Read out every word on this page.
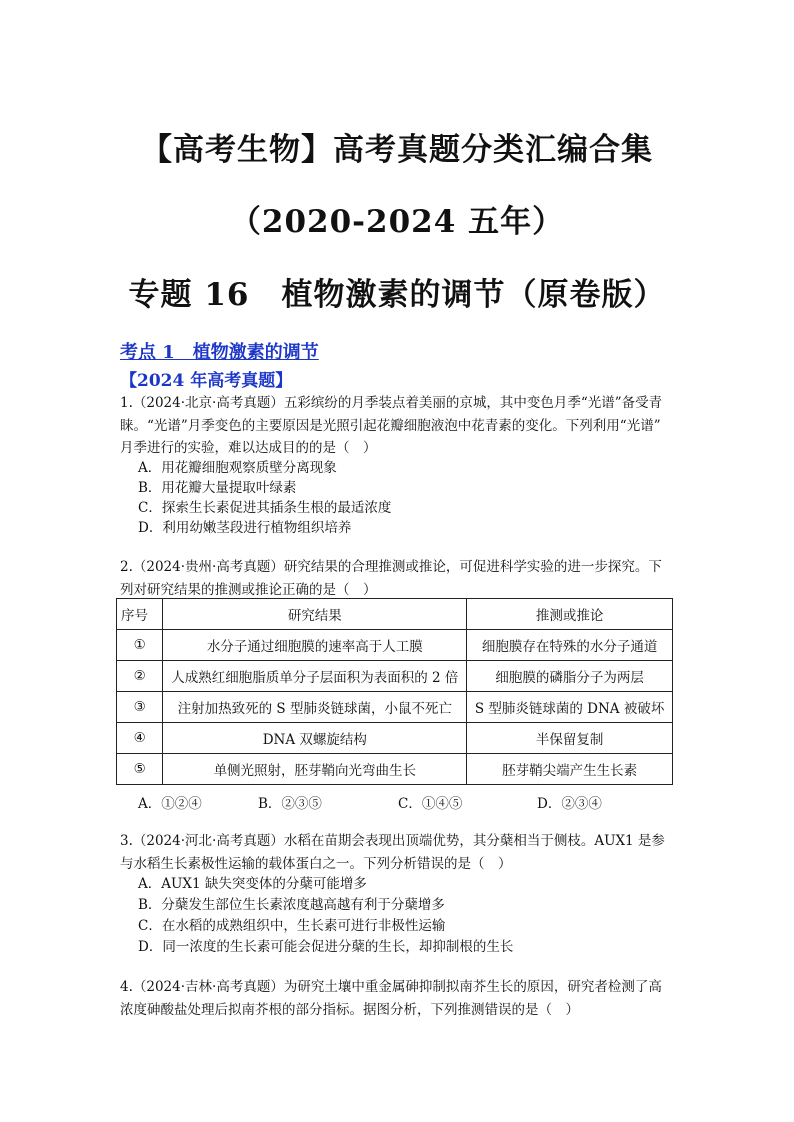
【高考生物】高考真题分类汇编合集
（2020-2024 五年）
专题 16　植物激素的调节（原卷版）
考点 1　植物激素的调节
【2024 年高考真题】
1.（2024·北京·高考真题）五彩缤纷的月季装点着美丽的京城，其中变色月季“光谱”备受青
睐。“光谱”月季变色的主要原因是光照引起花瓣细胞液泡中花青素的变化。下列利用“光谱”
月季进行的实验，难以达成目的的是（　）
A．用花瓣细胞观察质壁分离现象
B．用花瓣大量提取叶绿素
C．探索生长素促进其插条生根的最适浓度
D．利用幼嫩茎段进行植物组织培养
2.（2024·贵州·高考真题）研究结果的合理推测或推论，可促进科学实验的进一步探究。下
列对研究结果的推测或推论正确的是（　）
序号	研究结果	推测或推论
①	水分子通过细胞膜的速率高于人工膜	细胞膜存在特殊的水分子通道
②	人成熟红细胞脂质单分子层面积为表面积的 2 倍	细胞膜的磷脂分子为两层
③	注射加热致死的 S 型肺炎链球菌，小鼠不死亡	S 型肺炎链球菌的 DNA 被破坏
④	DNA 双螺旋结构	半保留复制
⑤	单侧光照射，胚芽鞘向光弯曲生长	胚芽鞘尖端产生生长素
A．①②④	B．②③⑤	C．①④⑤	D．②③④
3.（2024·河北·高考真题）水稻在苗期会表现出顶端优势，其分蘖相当于侧枝。AUX1 是参
与水稻生长素极性运输的载体蛋白之一。下列分析错误的是（　）
A．AUX1 缺失突变体的分蘖可能增多
B．分蘖发生部位生长素浓度越高越有利于分蘖增多
C．在水稻的成熟组织中，生长素可进行非极性运输
D．同一浓度的生长素可能会促进分蘖的生长，却抑制根的生长
4.（2024·吉林·高考真题）为研究土壤中重金属砷抑制拟南芥生长的原因，研究者检测了高
浓度砷酸盐处理后拟南芥根的部分指标。据图分析，下列推测错误的是（　）
